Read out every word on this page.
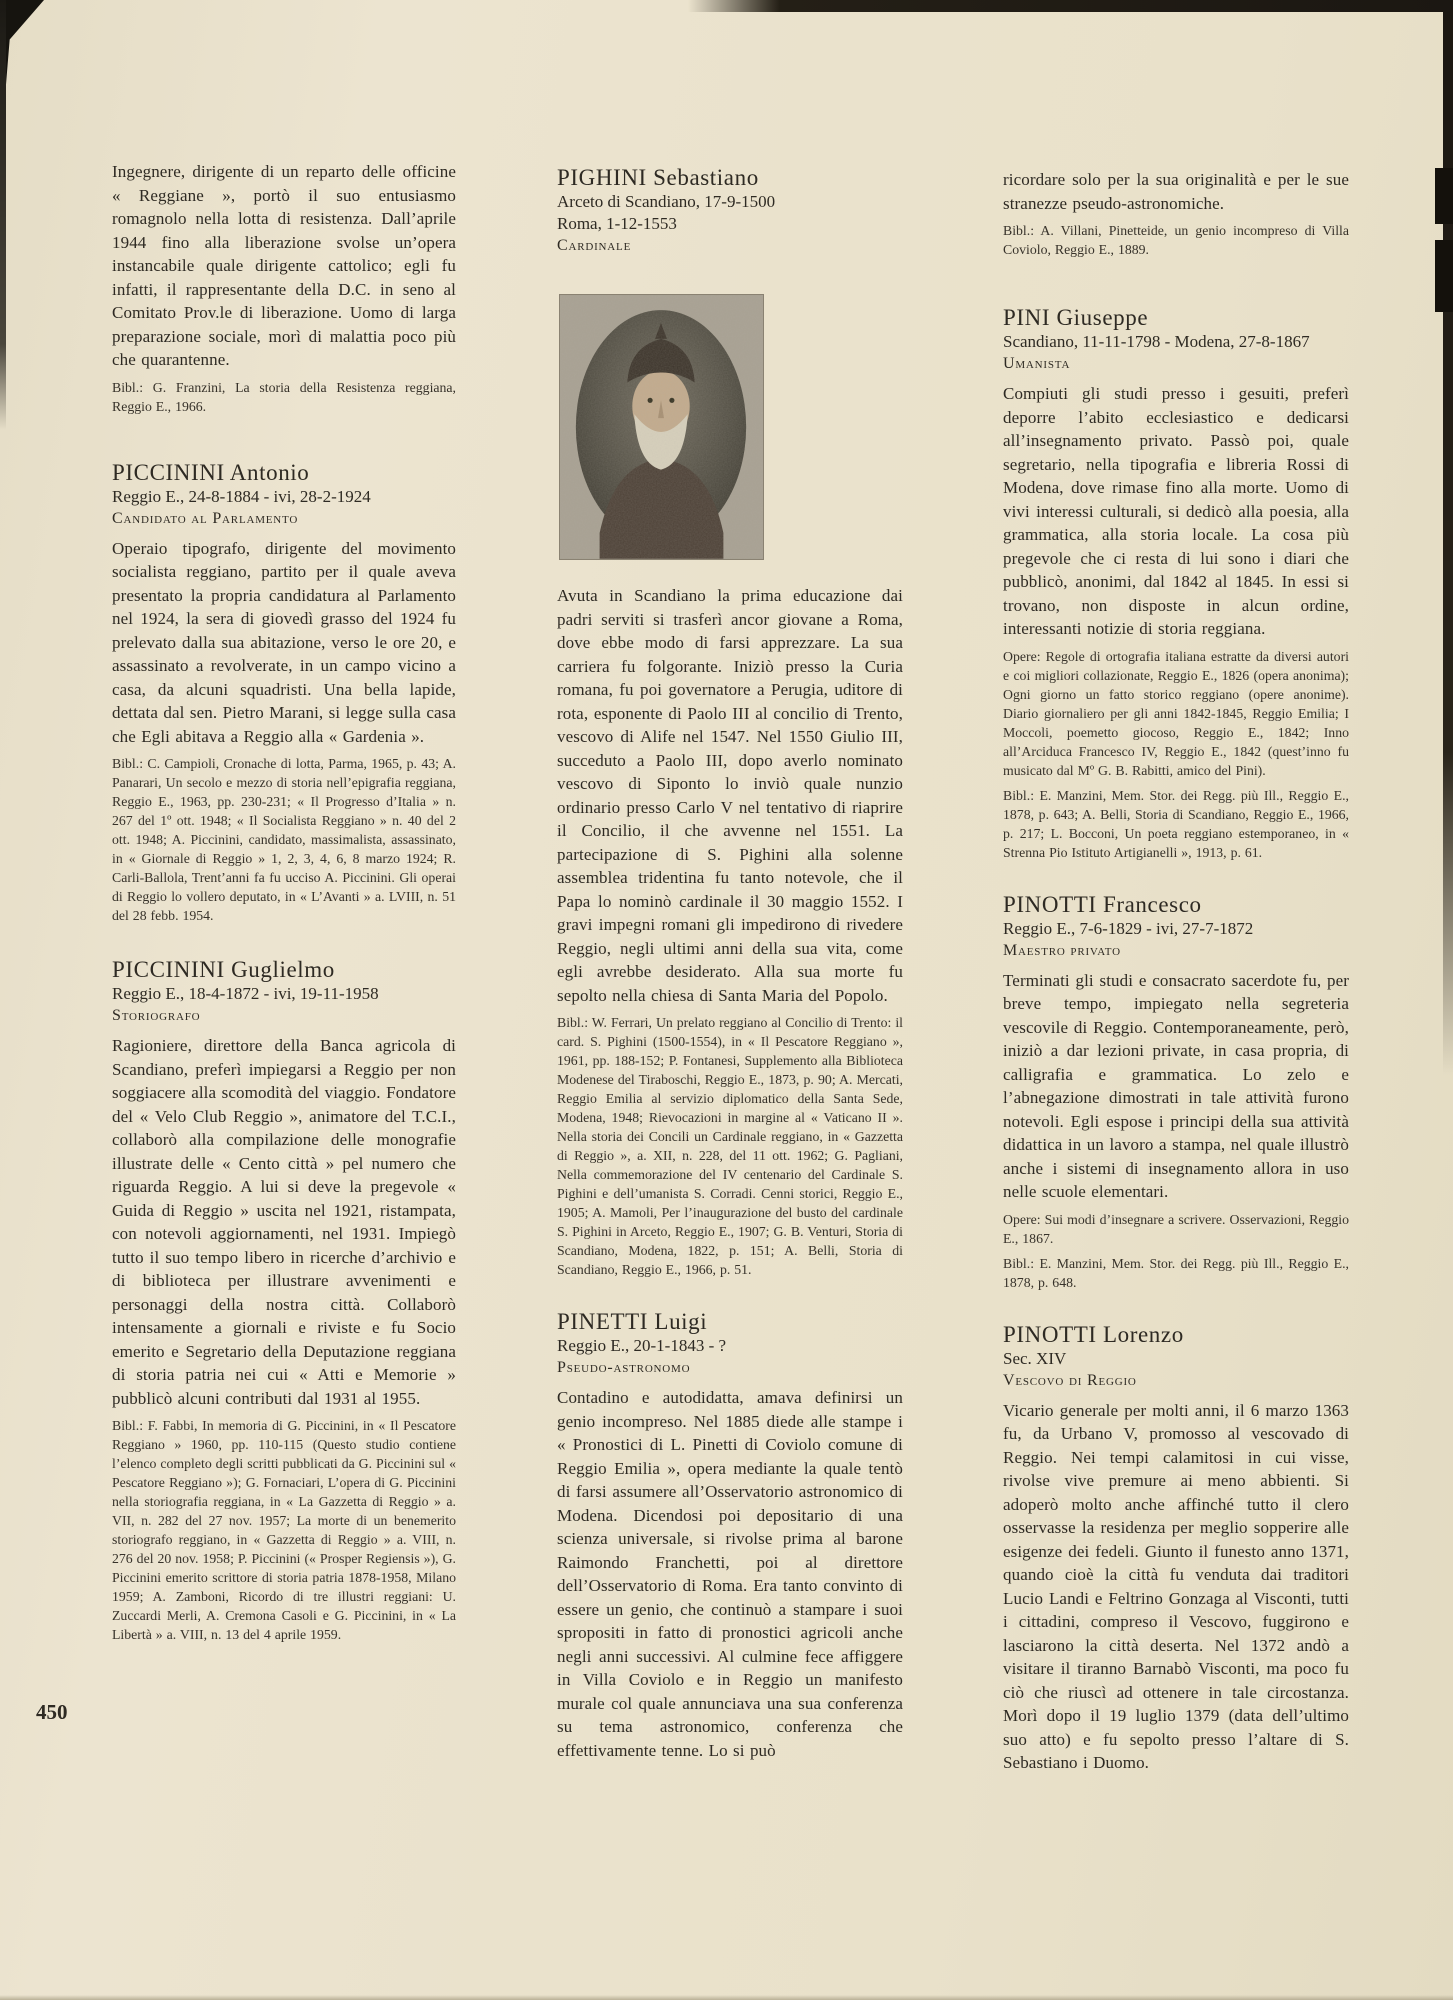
Ingegnere, dirigente di un reparto delle officine « Reggiane », portò il suo entusiasmo romagnolo nella lotta di resistenza. Dall’aprile 1944 fino alla liberazione svolse un’opera instancabile quale dirigente cattolico; egli fu infatti, il rappresentante della D.C. in seno al Comitato Prov.le di liberazione. Uomo di larga preparazione sociale, morì di malattia poco più che quarantenne.

Bibl.: G. Franzini, La storia della Resistenza reggiana, Reggio E., 1966.

PICCININI Antonio

Reggio E., 24-8-1884 - ivi, 28-2-1924

Candidato al Parlamento

Operaio tipografo, dirigente del movimento socialista reggiano, partito per il quale aveva presentato la propria candidatura al Parlamento nel 1924, la sera di giovedì grasso del 1924 fu prelevato dalla sua abitazione, verso le ore 20, e assassinato a revolverate, in un campo vicino a casa, da alcuni squadristi. Una bella lapide, dettata dal sen. Pietro Marani, si legge sulla casa che Egli abitava a Reggio alla « Gardenia ».

Bibl.: C. Campioli, Cronache di lotta, Parma, 1965, p. 43; A. Panarari, Un secolo e mezzo di storia nell’epigrafia reggiana, Reggio E., 1963, pp. 230-231; « Il Progresso d’Italia » n. 267 del 1º ott. 1948; « Il Socialista Reggiano » n. 40 del 2 ott. 1948; A. Piccinini, candidato, massimalista, assassinato, in « Giornale di Reggio » 1, 2, 3, 4, 6, 8 marzo 1924; R. Carli-Ballola, Trent’anni fa fu ucciso A. Piccinini. Gli operai di Reggio lo vollero deputato, in « L’Avanti » a. LVIII, n. 51 del 28 febb. 1954.

PICCININI Guglielmo

Reggio E., 18-4-1872 - ivi, 19-11-1958

Storiografo

Ragioniere, direttore della Banca agricola di Scandiano, preferì impiegarsi a Reggio per non soggiacere alla scomodità del viaggio. Fondatore del « Velo Club Reggio », animatore del T.C.I., collaborò alla compilazione delle monografie illustrate delle « Cento città » pel numero che riguarda Reggio. A lui si deve la pregevole « Guida di Reggio » uscita nel 1921, ristampata, con notevoli aggiornamenti, nel 1931. Impiegò tutto il suo tempo libero in ricerche d’archivio e di biblioteca per illustrare avvenimenti e personaggi della nostra città. Collaborò intensamente a giornali e riviste e fu Socio emerito e Segretario della Deputazione reggiana di storia patria nei cui « Atti e Memorie » pubblicò alcuni contributi dal 1931 al 1955.

Bibl.: F. Fabbi, In memoria di G. Piccinini, in « Il Pescatore Reggiano » 1960, pp. 110-115 (Questo studio contiene l’elenco completo degli scritti pubblicati da G. Piccinini sul « Pescatore Reggiano »); G. Fornaciari, L’opera di G. Piccinini nella storiografia reggiana, in « La Gazzetta di Reggio » a. VII, n. 282 del 27 nov. 1957; La morte di un benemerito storiografo reggiano, in « Gazzetta di Reggio » a. VIII, n. 276 del 20 nov. 1958; P. Piccinini (« Prosper Regiensis »), G. Piccinini emerito scrittore di storia patria 1878-1958, Milano 1959; A. Zamboni, Ricordo di tre illustri reggiani: U. Zuccardi Merli, A. Cremona Casoli e G. Piccinini, in « La Libertà » a. VIII, n. 13 del 4 aprile 1959.

PIGHINI Sebastiano

Arceto di Scandiano, 17-9-1500

Roma, 1-12-1553

Cardinale

Avuta in Scandiano la prima educazione dai padri serviti si trasferì ancor giovane a Roma, dove ebbe modo di farsi apprezzare. La sua carriera fu folgorante. Iniziò presso la Curia romana, fu poi governatore a Perugia, uditore di rota, esponente di Paolo III al concilio di Trento, vescovo di Alife nel 1547. Nel 1550 Giulio III, succeduto a Paolo III, dopo averlo nominato vescovo di Siponto lo inviò quale nunzio ordinario presso Carlo V nel tentativo di riaprire il Concilio, il che avvenne nel 1551. La partecipazione di S. Pighini alla solenne assemblea tridentina fu tanto notevole, che il Papa lo nominò cardinale il 30 maggio 1552. I gravi impegni romani gli impedirono di rivedere Reggio, negli ultimi anni della sua vita, come egli avrebbe desiderato. Alla sua morte fu sepolto nella chiesa di Santa Maria del Popolo.

Bibl.: W. Ferrari, Un prelato reggiano al Concilio di Trento: il card. S. Pighini (1500-1554), in « Il Pescatore Reggiano », 1961, pp. 188-152; P. Fontanesi, Supplemento alla Biblioteca Modenese del Tiraboschi, Reggio E., 1873, p. 90; A. Mercati, Reggio Emilia al servizio diplomatico della Santa Sede, Modena, 1948; Rievocazioni in margine al « Vaticano II ». Nella storia dei Concili un Cardinale reggiano, in « Gazzetta di Reggio », a. XII, n. 228, del 11 ott. 1962; G. Pagliani, Nella commemorazione del IV centenario del Cardinale S. Pighini e dell’umanista S. Corradi. Cenni storici, Reggio E., 1905; A. Mamoli, Per l’inaugurazione del busto del cardinale S. Pighini in Arceto, Reggio E., 1907; G. B. Venturi, Storia di Scandiano, Modena, 1822, p. 151; A. Belli, Storia di Scandiano, Reggio E., 1966, p. 51.

PINETTI Luigi

Reggio E., 20-1-1843 - ?

Pseudo-astronomo

Contadino e autodidatta, amava definirsi un genio incompreso. Nel 1885 diede alle stampe i « Pronostici di L. Pinetti di Coviolo comune di Reggio Emilia », opera mediante la quale tentò di farsi assumere all’Osservatorio astronomico di Modena. Dicendosi poi depositario di una scienza universale, si rivolse prima al barone Raimondo Franchetti, poi al direttore dell’Osservatorio di Roma. Era tanto convinto di essere un genio, che continuò a stampare i suoi spropositi in fatto di pronostici agricoli anche negli anni successivi. Al culmine fece affiggere in Villa Coviolo e in Reggio un manifesto murale col quale annunciava una sua conferenza su tema astronomico, conferenza che effettivamente tenne. Lo si può

ricordare solo per la sua originalità e per le sue stranezze pseudo-astronomiche.

Bibl.: A. Villani, Pinetteide, un genio incompreso di Villa Coviolo, Reggio E., 1889.

PINI Giuseppe

Scandiano, 11-11-1798 - Modena, 27-8-1867

Umanista

Compiuti gli studi presso i gesuiti, preferì deporre l’abito ecclesiastico e dedicarsi all’insegnamento privato. Passò poi, quale segretario, nella tipografia e libreria Rossi di Modena, dove rimase fino alla morte. Uomo di vivi interessi culturali, si dedicò alla poesia, alla grammatica, alla storia locale. La cosa più pregevole che ci resta di lui sono i diari che pubblicò, anonimi, dal 1842 al 1845. In essi si trovano, non disposte in alcun ordine, interessanti notizie di storia reggiana.

Opere: Regole di ortografia italiana estratte da diversi autori e coi migliori collazionate, Reggio E., 1826 (opera anonima); Ogni giorno un fatto storico reggiano (opere anonime). Diario giornaliero per gli anni 1842-1845, Reggio Emilia; I Moccoli, poemetto giocoso, Reggio E., 1842; Inno all’Arciduca Francesco IV, Reggio E., 1842 (quest’inno fu musicato dal Mº G. B. Rabitti, amico del Pini).

Bibl.: E. Manzini, Mem. Stor. dei Regg. più Ill., Reggio E., 1878, p. 643; A. Belli, Storia di Scandiano, Reggio E., 1966, p. 217; L. Bocconi, Un poeta reggiano estemporaneo, in « Strenna Pio Istituto Artigianelli », 1913, p. 61.

PINOTTI Francesco

Reggio E., 7-6-1829 - ivi, 27-7-1872

Maestro privato

Terminati gli studi e consacrato sacerdote fu, per breve tempo, impiegato nella segreteria vescovile di Reggio. Contemporaneamente, però, iniziò a dar lezioni private, in casa propria, di calligrafia e grammatica. Lo zelo e l’abnegazione dimostrati in tale attività furono notevoli. Egli espose i principi della sua attività didattica in un lavoro a stampa, nel quale illustrò anche i sistemi di insegnamento allora in uso nelle scuole elementari.

Opere: Sui modi d’insegnare a scrivere. Osservazioni, Reggio E., 1867.

Bibl.: E. Manzini, Mem. Stor. dei Regg. più Ill., Reggio E., 1878, p. 648.

PINOTTI Lorenzo

Sec. XIV

Vescovo di Reggio

Vicario generale per molti anni, il 6 marzo 1363 fu, da Urbano V, promosso al vescovado di Reggio. Nei tempi calamitosi in cui visse, rivolse vive premure ai meno abbienti. Si adoperò molto anche affinché tutto il clero osservasse la residenza per meglio sopperire alle esigenze dei fedeli. Giunto il funesto anno 1371, quando cioè la città fu venduta dai traditori Lucio Landi e Feltrino Gonzaga al Visconti, tutti i cittadini, compreso il Vescovo, fuggirono e lasciarono la città deserta. Nel 1372 andò a visitare il tiranno Barnabò Visconti, ma poco fu ciò che riuscì ad ottenere in tale circostanza. Morì dopo il 19 luglio 1379 (data dell’ultimo suo atto) e fu sepolto presso l’altare di S. Sebastiano i Duomo.

450
